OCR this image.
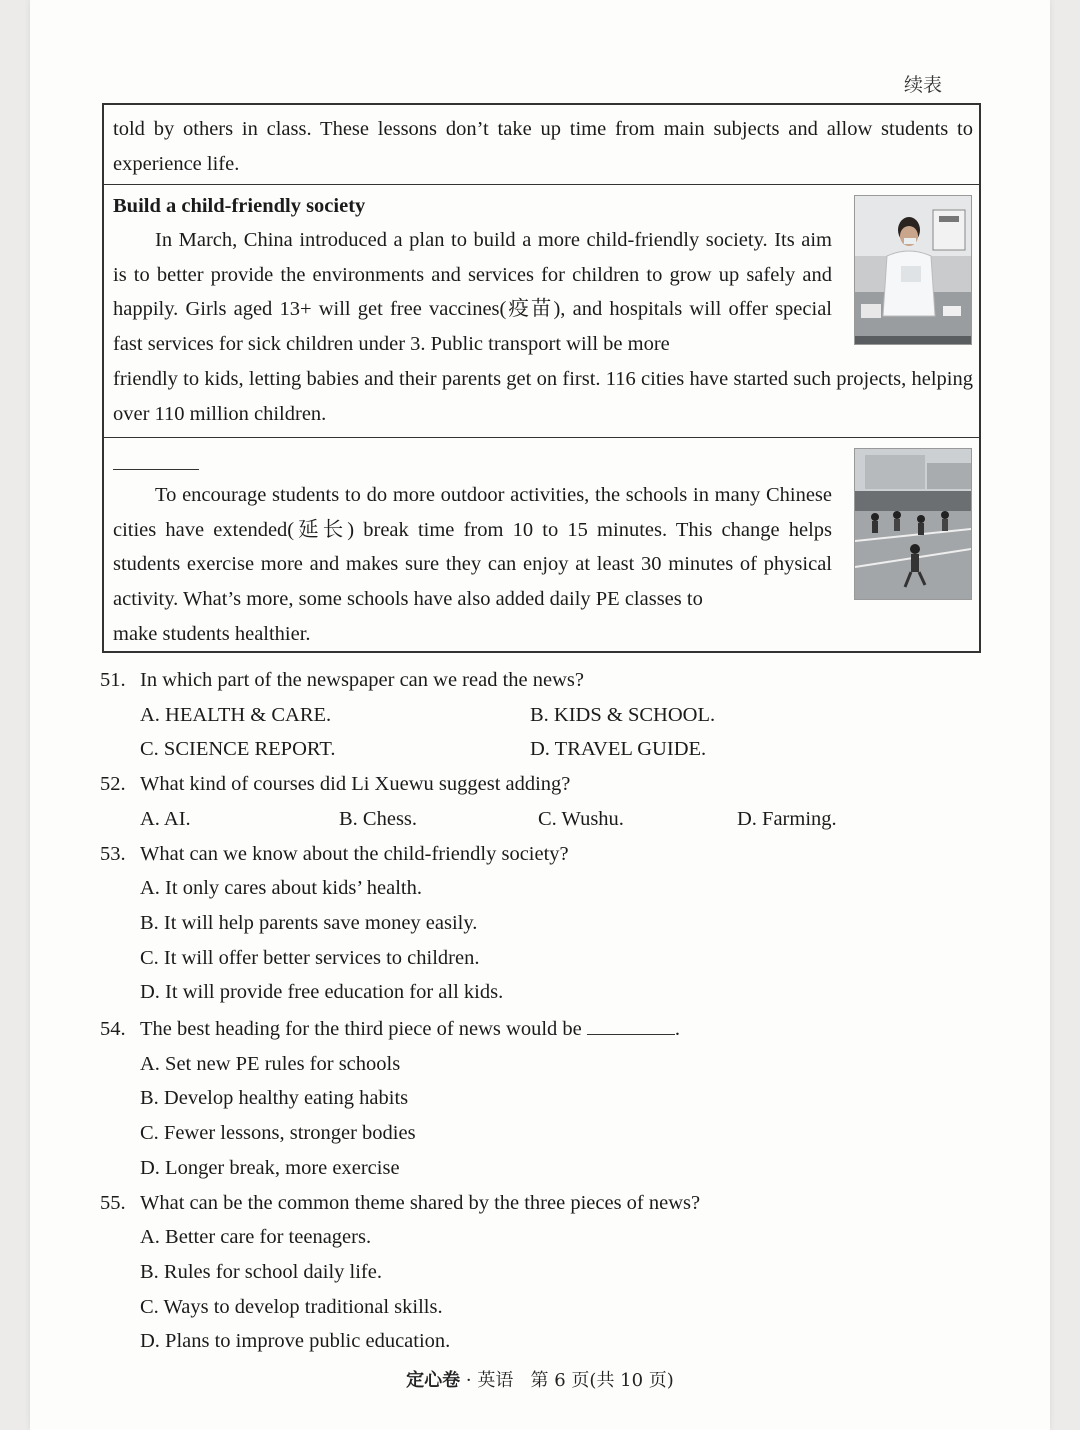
续表
told by others in class. These lessons don’t take up time from main subjects and allow students to experience life.
Build a child-friendly society
In March, China introduced a plan to build a more child-friendly society. Its aim is to better provide the environments and services for children to grow up safely and happily. Girls aged 13+ will get free vaccines(疫苗), and hospitals will offer special fast services for sick children under 3. Public transport will be more
friendly to kids, letting babies and their parents get on first. 116 cities have started such projects, helping over 110 million children.
To encourage students to do more outdoor activities, the schools in many Chinese cities have extended(延长) break time from 10 to 15 minutes. This change helps students exercise more and makes sure they can enjoy at least 30 minutes of physical activity. What’s more, some schools have also added daily PE classes to
make students healthier.
51. In which part of the newspaper can we read the news?
A. HEALTH & CARE.	B. KIDS & SCHOOL.
C. SCIENCE REPORT.	D. TRAVEL GUIDE.
52. What kind of courses did Li Xuewu suggest adding?
A. AI.	B. Chess.	C. Wushu.	D. Farming.
53. What can we know about the child-friendly society?
A. It only cares about kids’ health.
B. It will help parents save money easily.
C. It will offer better services to children.
D. It will provide free education for all kids.
54. The best heading for the third piece of news would be	.
A. Set new PE rules for schools
B. Develop healthy eating habits
C. Fewer lessons, stronger bodies
D. Longer break, more exercise
55. What can be the common theme shared by the three pieces of news?
A. Better care for teenagers.
B. Rules for school daily life.
C. Ways to develop traditional skills.
D. Plans to improve public education.
定心卷 · 英语 第 6 页(共 10 页)
